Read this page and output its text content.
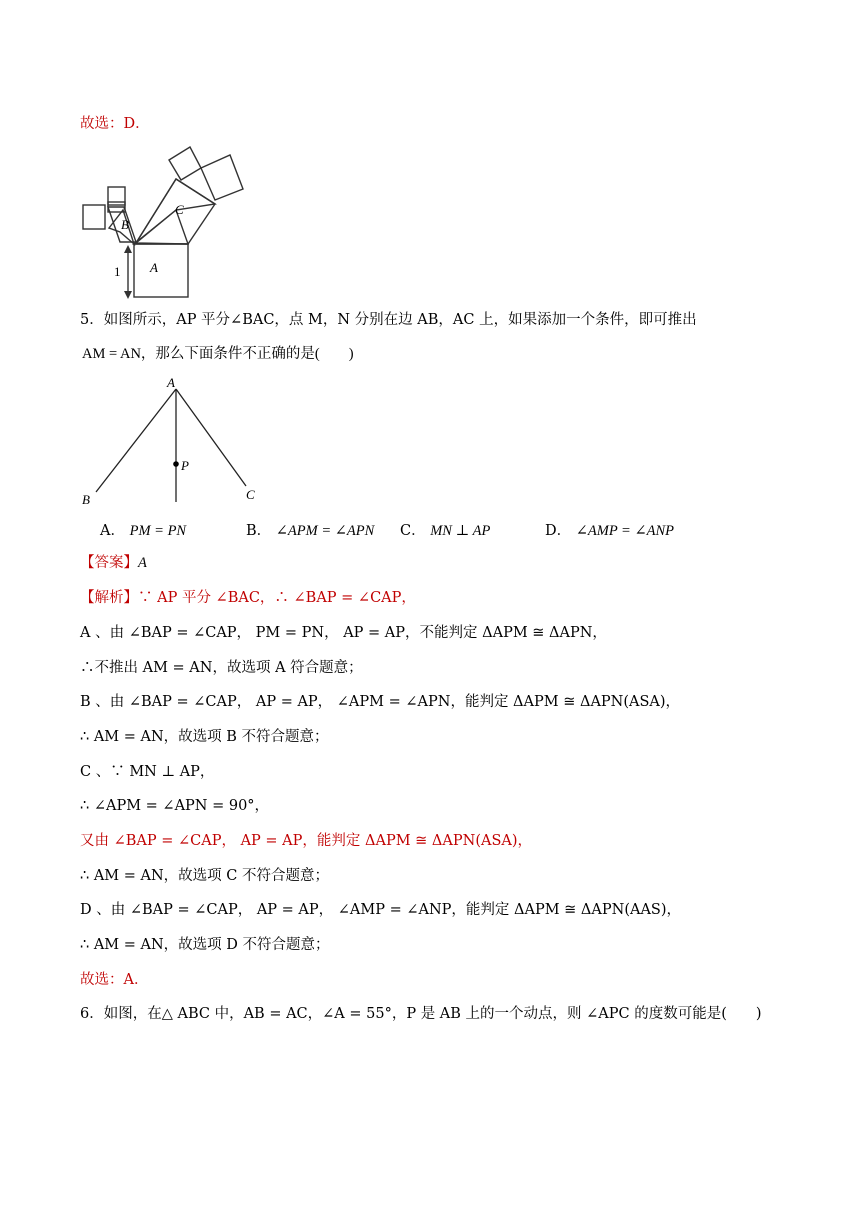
故选：D．
1 A
B
C
5．如图所示，AP 平分∠BAC，点 M，N 分别在边 AB，AC 上，如果添加一个条件，即可推出
AM = AN，那么下面条件不正确的是(　　)
A
B	C
P
A． PM = PN	B． ∠APM = ∠APN C． MN ⊥ AP	D． ∠AMP = ∠ANP
【答案】A
【解析】∵ AP 平分 ∠BAC，∴ ∠BAP = ∠CAP，
A 、由 ∠BAP = ∠CAP， PM = PN， AP = AP，不能判定 ΔAPM ≅ ΔAPN，
∴不推出 AM = AN，故选项 A 符合题意；
B 、由 ∠BAP = ∠CAP， AP = AP， ∠APM = ∠APN，能判定 ΔAPM ≅ ΔAPN(ASA)，
∴ AM = AN，故选项 B 不符合题意；
C 、∵ MN ⊥ AP，
∴ ∠APM = ∠APN = 90°，
又由 ∠BAP = ∠CAP， AP = AP，能判定 ΔAPM ≅ ΔAPN(ASA)，
∴ AM = AN，故选项 C 不符合题意；
D 、由 ∠BAP = ∠CAP， AP = AP， ∠AMP = ∠ANP，能判定 ΔAPM ≅ ΔAPN(AAS)，
∴ AM = AN，故选项 D 不符合题意；
故选：A．
6．如图，在△ ABC 中，AB = AC，∠A = 55°，P 是 AB 上的一个动点，则 ∠APC 的度数可能是(　　)
